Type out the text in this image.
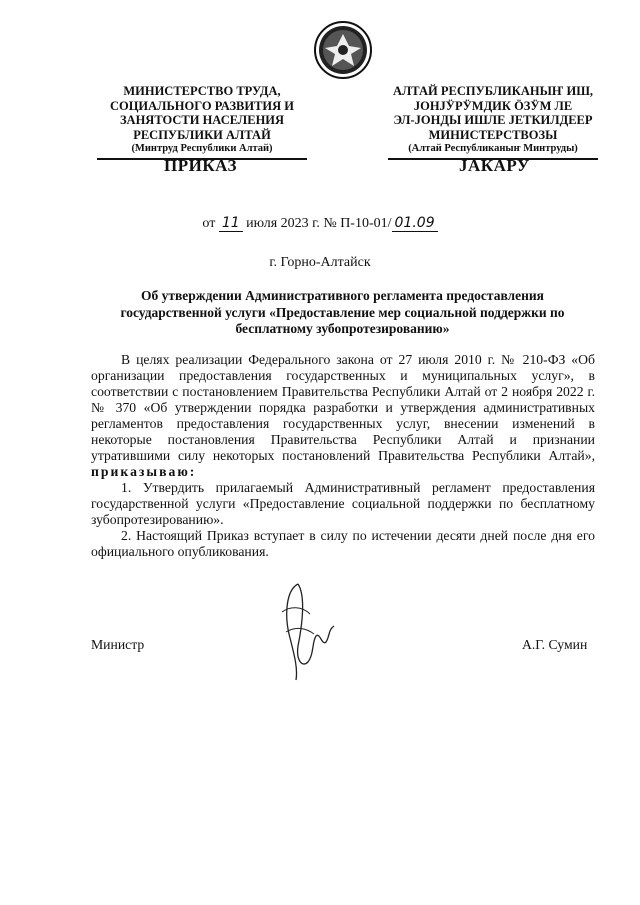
МИНИСТЕРСТВО ТРУДА,
СОЦИАЛЬНОГО РАЗВИТИЯ И
ЗАНЯТОСТИ НАСЕЛЕНИЯ
РЕСПУБЛИКИ АЛТАЙ
(Минтруд Республики Алтай)
АЛТАЙ РЕСПУБЛИКАНЫҤ ИШ,
ЈОНЈӰРӰМДИК ӦЗӰМ ЛЕ
ЭЛ-ЈОНДЫ ИШЛЕ ЈЕТКИЛДЕЕР
МИНИСТЕРСТВОЗЫ
(Алтай Республиканыҥ Минтруды)
ПРИКАЗ	ЈАКАРУ
от 11 июля 2023 г. № П-10-01/ 01.09
г. Горно-Алтайск
Об утверждении Административного регламента предоставления государственной услуги «Предоставление мер социальной поддержки по бесплатному зубопротезированию»

В целях реализации Федерального закона от 27 июля 2010 г. № 210-ФЗ «Об организации предоставления государственных и муниципальных услуг», в соответствии с постановлением Правительства Республики Алтай от 2 ноября 2022 г. № 370 «Об утверждении порядка разработки и утверждения административных регламентов предоставления государственных услуг, внесении изменений в некоторые постановления Правительства Республики Алтай и признании утратившими силу некоторых постановлений Правительства Республики Алтай», приказываю:

1. Утвердить прилагаемый Административный регламент предоставления государственной услуги «Предоставление социальной поддержки по бесплатному зубопротезированию».

2. Настоящий Приказ вступает в силу по истечении десяти дней после дня его официального опубликования.

Министр	А.Г. Сумин
